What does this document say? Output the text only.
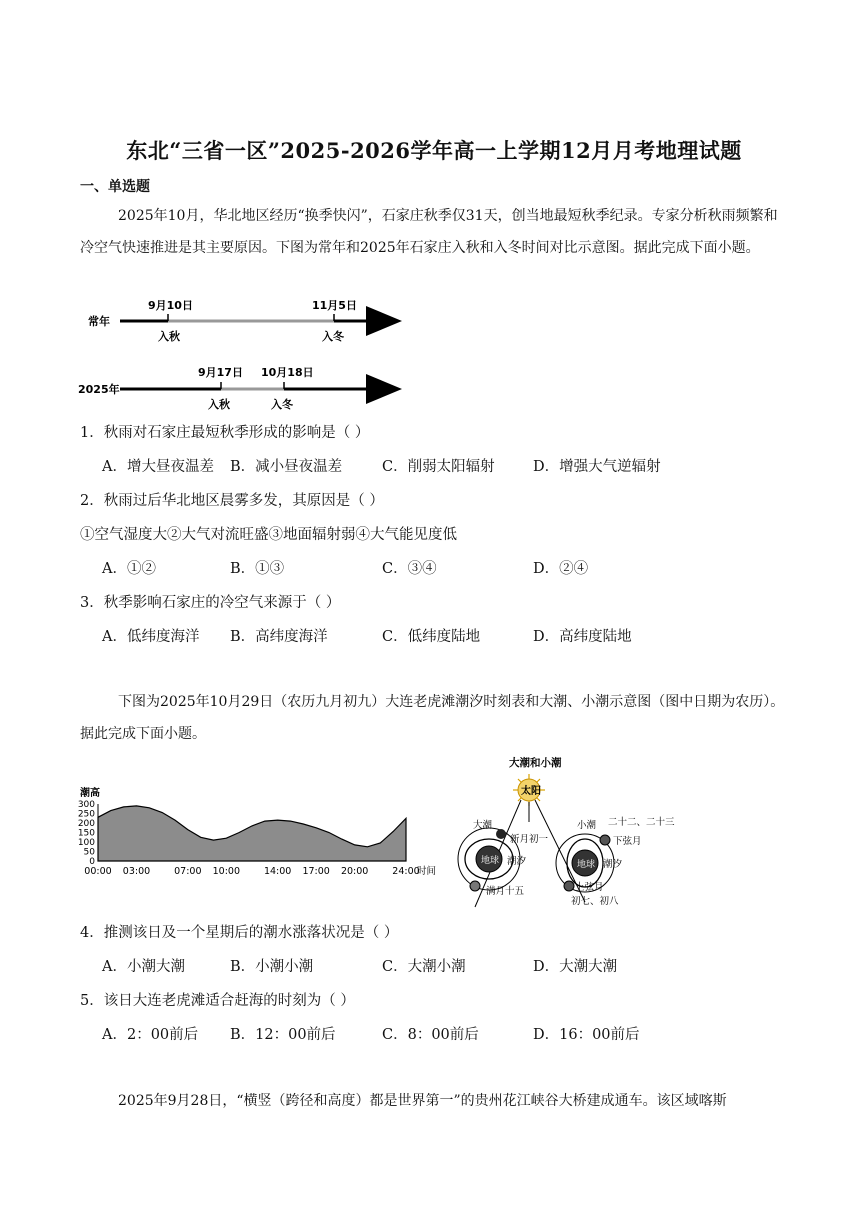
东北“三省一区”2025-2026学年高一上学期12月月考地理试题
一、单选题
2025年10月，华北地区经历“换季快闪”，石家庄秋季仅31天，创当地最短秋季纪录。专家分析秋雨频繁和冷空气快速推进是其主要原因。下图为常年和2025年石家庄入秋和入冬时间对比示意图。据此完成下面小题。
常年
9月10日	11月5日
入秋	入冬
2025年
9月17日 10月18日
入秋	入冬
1．秋雨对石家庄最短秋季形成的影响是（ ）
A．增大昼夜温差 B．减小昼夜温差	C．削弱太阳辐射	D．增强大气逆辐射
2．秋雨过后华北地区晨雾多发，其原因是（ ）
①空气湿度大②大气对流旺盛③地面辐射弱④大气能见度低
A．①②	B．①③	C．③④	D．②④
3．秋季影响石家庄的冷空气来源于（ ）
A．低纬度海洋 B．高纬度海洋	C．低纬度陆地	D．高纬度陆地
下图为2025年10月29日（农历九月初九）大连老虎滩潮汐时刻表和大潮、小潮示意图（图中日期为农历）。据此完成下面小题。
潮高
300
250
200
150
100
50
0
00:00 03:00	07:00 10:00	14:00 17:00 20:00	24:00
时间
大潮和小潮
太阳
大潮
地球
新月初一
潮汐
满月十五
小潮 二十二、二十三
地球
下弦月
潮汐
上弦月
初七、初八
4．推测该日及一个星期后的潮水涨落状况是（ ）
A．小潮大潮	B．小潮小潮	C．大潮小潮	D．大潮大潮
5．该日大连老虎滩适合赶海的时刻为（ ）
A．2：00前后 B．12：00前后	C．8：00前后	D．16：00前后
2025年9月28日，“横竖（跨径和高度）都是世界第一”的贵州花江峡谷大桥建成通车。该区域喀斯
